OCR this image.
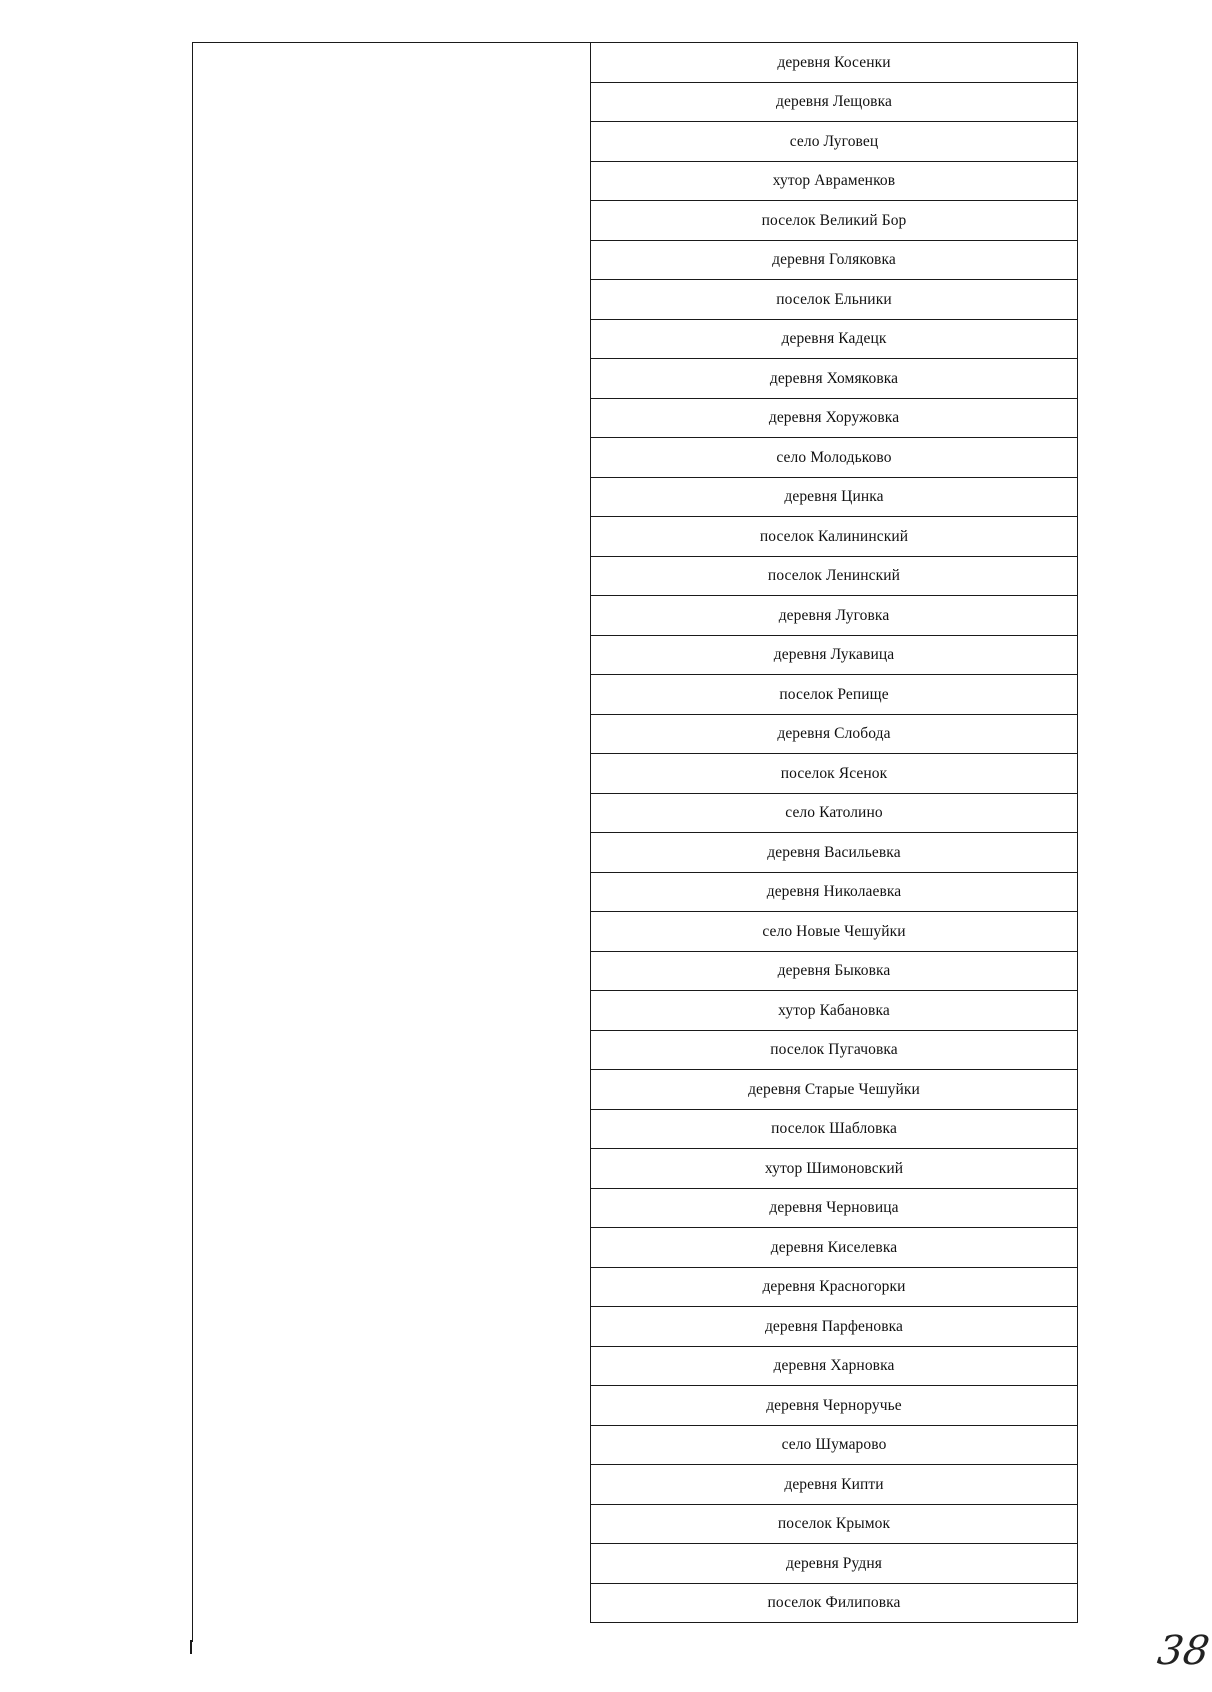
деревня Косенки
деревня Лещовка
село Луговец
хутор Авраменков
поселок Великий Бор
деревня Голяковка
поселок Ельники
деревня Кадецк
деревня Хомяковка
деревня Хоружовка
село Молодьково
деревня Цинка
поселок Калининский
поселок Ленинский
деревня Луговка
деревня Лукавица
поселок Репище
деревня Слобода
поселок Ясенок
село Католино
деревня Васильевка
деревня Николаевка
село Новые Чешуйки
деревня Быковка
хутор Кабановка
поселок Пугачовка
деревня Старые Чешуйки
поселок Шабловка
хутор Шимоновский
деревня Черновица
деревня Киселевка
деревня Красногорки
деревня Парфеновка
деревня Харновка
деревня Черноручье
село Шумарово
деревня Кипти
поселок Крымок
деревня Рудня
поселок Филиповка
38
